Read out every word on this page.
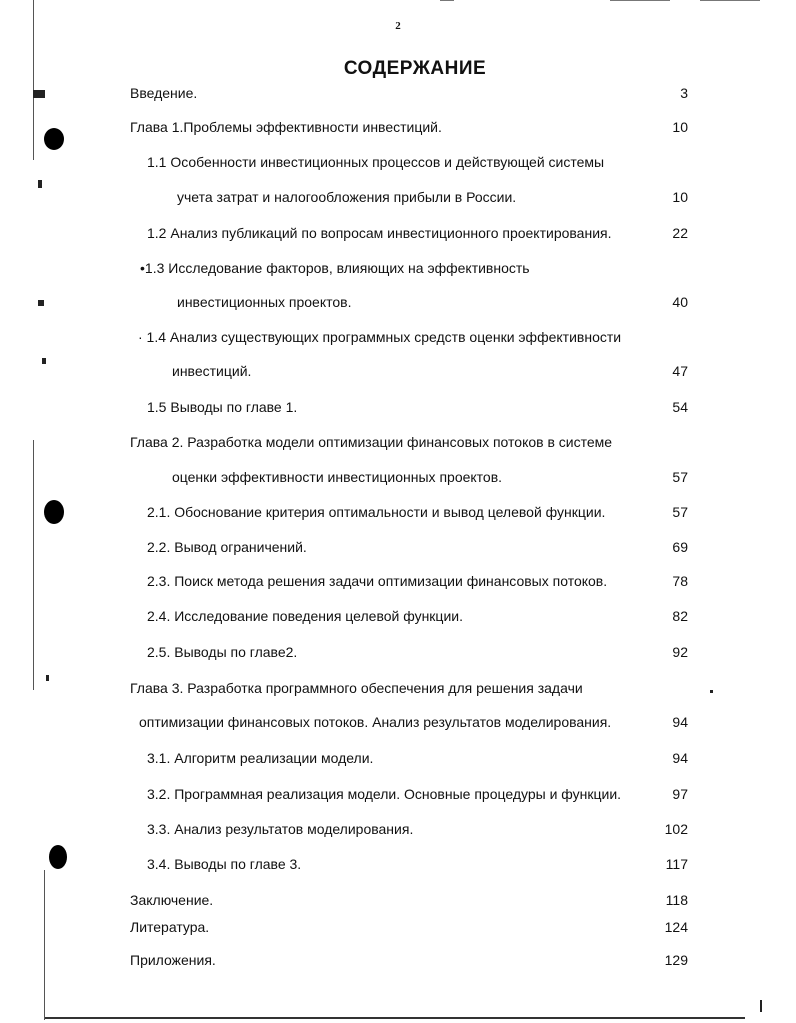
2
СОДЕРЖАНИЕ
Введение.	3
Глава 1.Проблемы эффективности инвестиций.	10
1.1 Особенности инвестиционных процессов и действующей системы
учета затрат и налогообложения прибыли в России.	10
1.2 Анализ публикаций по вопросам инвестиционного проектирования.	22
•1.3 Исследование факторов, влияющих на эффективность
инвестиционных проектов.	40
· 1.4 Анализ существующих программных средств оценки эффективности
инвестиций.	47
1.5 Выводы по главе 1.	54
Глава 2. Разработка модели оптимизации финансовых потоков в системе
оценки эффективности инвестиционных проектов.	57
2.1. Обоснование критерия оптимальности и вывод целевой функции.	57
2.2. Вывод ограничений.	69
2.3. Поиск метода решения задачи оптимизации финансовых потоков.	78
2.4. Исследование поведения целевой функции.	82
2.5. Выводы по главе2.	92
Глава 3. Разработка программного обеспечения для решения задачи
оптимизации финансовых потоков. Анализ результатов моделирования.	94
3.1. Алгоритм реализации модели.	94
3.2. Программная реализация модели. Основные процедуры и функции.	97
3.3. Анализ результатов моделирования.	102
3.4. Выводы по главе 3.	117
Заключение.	118
Литература.	124
Приложения.	129
